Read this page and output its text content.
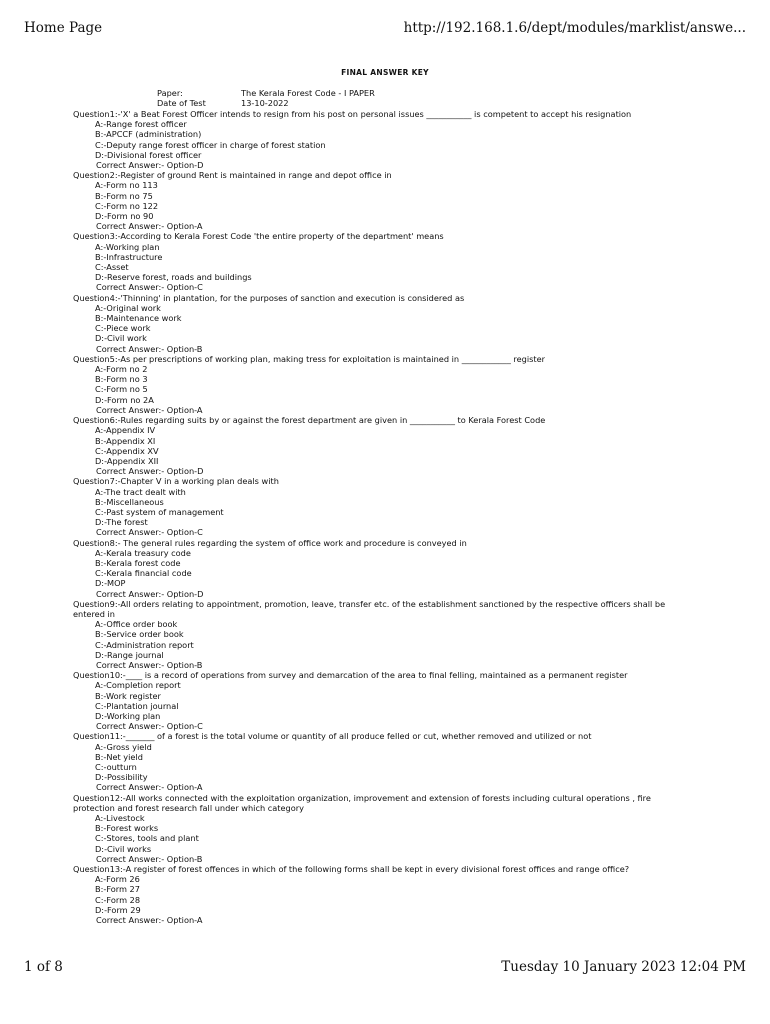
Home Page	http://192.168.1.6/dept/modules/marklist/answe...
FINAL ANSWER KEY
Paper:	The Kerala Forest Code - I PAPER
Date of Test	13-10-2022
Question1:-'X' a Beat Forest Officer intends to resign from his post on personal issues ___________ is competent to accept his resignation
A:-Range forest officer
B:-APCCF (administration)
C:-Deputy range forest officer in charge of forest station
D:-Divisional forest officer
Correct Answer:- Option-D
Question2:-Register of ground Rent is maintained in range and depot office in
A:-Form no 113
B:-Form no 75
C:-Form no 122
D:-Form no 90
Correct Answer:- Option-A
Question3:-According to Kerala Forest Code 'the entire property of the department' means
A:-Working plan
B:-Infrastructure
C:-Asset
D:-Reserve forest, roads and buildings
Correct Answer:- Option-C
Question4:-'Thinning' in plantation, for the purposes of sanction and execution is considered as
A:-Original work
B:-Maintenance work
C:-Piece work
D:-Civil work
Correct Answer:- Option-B
Question5:-As per prescriptions of working plan, making tress for exploitation is maintained in ____________ register
A:-Form no 2
B:-Form no 3
C:-Form no 5
D:-Form no 2A
Correct Answer:- Option-A
Question6:-Rules regarding suits by or against the forest department are given in ___________ to Kerala Forest Code
A:-Appendix IV
B:-Appendix XI
C:-Appendix XV
D:-Appendix XII
Correct Answer:- Option-D
Question7:-Chapter V in a working plan deals with
A:-The tract dealt with
B:-Miscellaneous
C:-Past system of management
D:-The forest
Correct Answer:- Option-C
Question8:- The general rules regarding the system of office work and procedure is conveyed in
A:-Kerala treasury code
B:-Kerala forest code
C:-Kerala financial code
D:-MOP
Correct Answer:- Option-D
Question9:-All orders relating to appointment, promotion, leave, transfer etc. of the establishment sanctioned by the respective officers shall be entered in
A:-Office order book
B:-Service order book
C:-Administration report
D:-Range journal
Correct Answer:- Option-B
Question10:-____ is a record of operations from survey and demarcation of the area to final felling, maintained as a permanent register
A:-Completion report
B:-Work register
C:-Plantation journal
D:-Working plan
Correct Answer:- Option-C
Question11:-_______ of a forest is the total volume or quantity of all produce felled or cut, whether removed and utilized or not
A:-Gross yield
B:-Net yield
C:-outturn
D:-Possibility
Correct Answer:- Option-A
Question12:-All works connected with the exploitation organization, improvement and extension of forests including cultural operations , fire protection and forest research fall under which category
A:-Livestock
B:-Forest works
C:-Stores, tools and plant
D:-Civil works
Correct Answer:- Option-B
Question13:-A register of forest offences in which of the following forms shall be kept in every divisional forest offices and range office?
A:-Form 26
B:-Form 27
C:-Form 28
D:-Form 29
Correct Answer:- Option-A
1 of 8	Tuesday 10 January 2023 12:04 PM
